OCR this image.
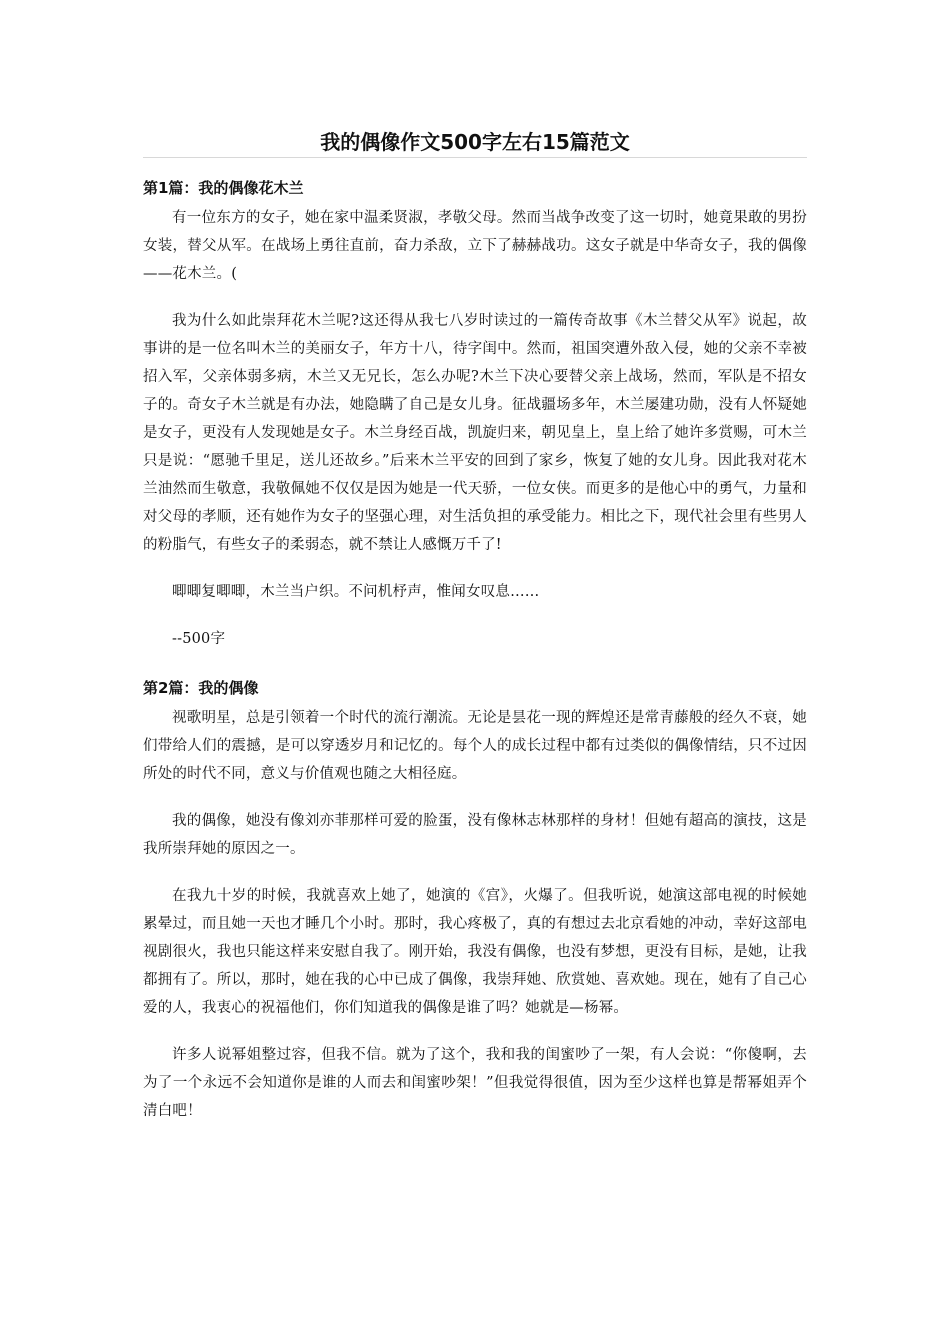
我的偶像作文500字左右15篇范文
第1篇：我的偶像花木兰

有一位东方的女子，她在家中温柔贤淑，孝敬父母。然而当战争改变了这一切时，她竟果敢的男扮女装，替父从军。在战场上勇往直前，奋力杀敌，立下了赫赫战功。这女子就是中华奇女子，我的偶像——花木兰。(

我为什么如此崇拜花木兰呢?这还得从我七八岁时读过的一篇传奇故事《木兰替父从军》说起，故事讲的是一位名叫木兰的美丽女子，年方十八，待字闺中。然而，祖国突遭外敌入侵，她的父亲不幸被招入军，父亲体弱多病，木兰又无兄长，怎么办呢?木兰下决心要替父亲上战场，然而，军队是不招女子的。奇女子木兰就是有办法，她隐瞒了自己是女儿身。征战疆场多年，木兰屡建功勋，没有人怀疑她是女子，更没有人发现她是女子。木兰身经百战，凯旋归来，朝见皇上，皇上给了她许多赏赐，可木兰只是说：“愿驰千里足，送儿还故乡。”后来木兰平安的回到了家乡，恢复了她的女儿身。因此我对花木兰油然而生敬意，我敬佩她不仅仅是因为她是一代天骄，一位女侠。而更多的是他心中的勇气，力量和对父母的孝顺，还有她作为女子的坚强心理，对生活负担的承受能力。相比之下，现代社会里有些男人的粉脂气，有些女子的柔弱态，就不禁让人感慨万千了!

唧唧复唧唧，木兰当户织。不问机杼声，惟闻女叹息……

--500字

第2篇：我的偶像

视歌明星，总是引领着一个时代的流行潮流。无论是昙花一现的辉煌还是常青藤般的经久不衰，她们带给人们的震撼，是可以穿透岁月和记忆的。每个人的成长过程中都有过类似的偶像情结，只不过因所处的时代不同，意义与价值观也随之大相径庭。

我的偶像，她没有像刘亦菲那样可爱的脸蛋，没有像林志林那样的身材！但她有超高的演技，这是我所崇拜她的原因之一。

在我九十岁的时候，我就喜欢上她了，她演的《宫》，火爆了。但我听说，她演这部电视的时候她累晕过，而且她一天也才睡几个小时。那时，我心疼极了，真的有想过去北京看她的冲动，幸好这部电视剧很火，我也只能这样来安慰自我了。刚开始，我没有偶像，也没有梦想，更没有目标，是她，让我都拥有了。所以，那时，她在我的心中已成了偶像，我崇拜她、欣赏她、喜欢她。现在，她有了自己心爱的人，我衷心的祝福他们，你们知道我的偶像是谁了吗？她就是—杨幂。

许多人说幂姐整过容，但我不信。就为了这个，我和我的闺蜜吵了一架，有人会说：“你傻啊，去为了一个永远不会知道你是谁的人而去和闺蜜吵架！”但我觉得很值，因为至少这样也算是帮幂姐弄个清白吧！
